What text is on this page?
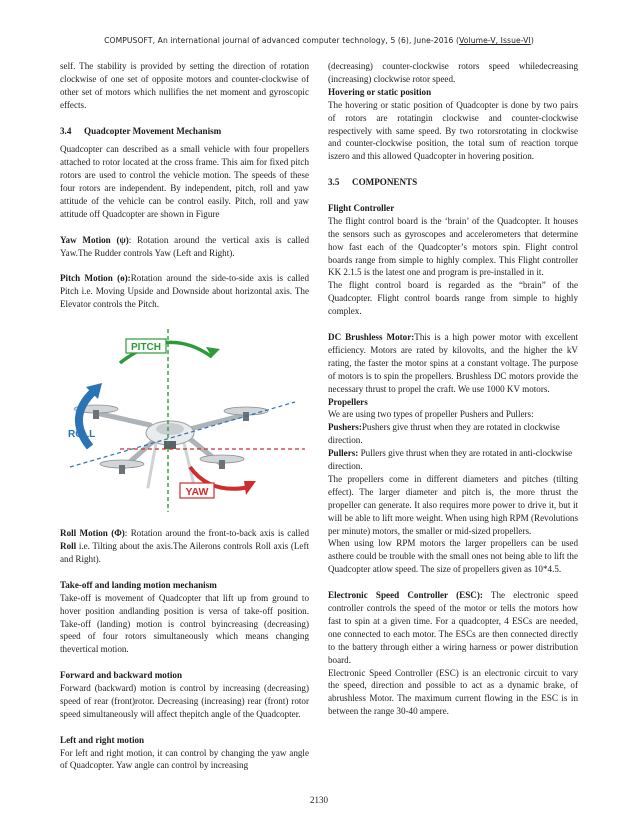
COMPUSOFT, An international journal of advanced computer technology, 5 (6), June-2016 (Volume-V, Issue-VI)

self. The stability is provided by setting the direction of rotation clockwise of one set of opposite motors and counter-clockwise of other set of motors which nullifies the net moment and gyroscopic effects.

3.4	Quadcopter Movement Mechanism

Quadcopter can described as a small vehicle with four propellers attached to rotor located at the cross frame. This aim for fixed pitch rotors are used to control the vehicle motion. The speeds of these four rotors are independent. By independent, pitch, roll and yaw attitude of the vehicle can be control easily. Pitch, roll and yaw attitude off Quadcopter are shown in Figure

Yaw Motion (ψ): Rotation around the vertical axis is called Yaw.The Rudder controls Yaw (Left and Right).

Pitch Motion (ɵ):Rotation around the side-to-side axis is called Pitch i.e. Moving Upside and Downside about horizontal axis. The Elevator controls the Pitch.

PITCH
ROLL
YAW

Roll Motion (Φ): Rotation around the front-to-back axis is called Roll i.e. Tilting about the axis.The Ailerons controls Roll axis (Left and Right).

Take-off and landing motion mechanism

Take-off is movement of Quadcopter that lift up from ground to hover position andlanding position is versa of take-off position. Take-off (landing) motion is control byincreasing (decreasing) speed of four rotors simultaneously which means changing thevertical motion.

Forward and backward motion

Forward (backward) motion is control by increasing (decreasing) speed of rear (front)rotor. Decreasing (increasing) rear (front) rotor speed simultaneously will affect thepitch angle of the Quadcopter.

Left and right motion

For left and right motion, it can control by changing the yaw angle of Quadcopter. Yaw angle can control by increasing

(decreasing) counter-clockwise rotors speed whiledecreasing (increasing) clockwise rotor speed.

Hovering or static position

The hovering or static position of Quadcopter is done by two pairs of rotors are rotatingin clockwise and counter-clockwise respectively with same speed. By two rotorsrotating in clockwise and counter-clockwise position, the total sum of reaction torque iszero and this allowed Quadcopter in hovering position.

3.5	COMPONENTS

Flight Controller

The flight control board is the ‘brain’ of the Quadcopter. It houses the sensors such as gyroscopes and accelerometers that determine how fast each of the Quadcopter’s motors spin. Flight control boards range from simple to highly complex. This Flight controller KK 2.1.5 is the latest one and program is pre-installed in it.

The flight control board is regarded as the “brain” of the Quadcopter. Flight control boards range from simple to highly complex.

DC Brushless Motor:This is a high power motor with excellent efficiency. Motors are rated by kilovolts, and the higher the kV rating, the faster the motor spins at a constant voltage. The purpose of motors is to spin the propellers. Brushless DC motors provide the necessary thrust to propel the craft. We use 1000 KV motors.

Propellers

We are using two types of propeller Pushers and Pullers:

Pushers:Pushers give thrust when they are rotated in clockwise direction.

Pullers: Pullers give thrust when they are rotated in anti-clockwise direction.

The propellers come in different diameters and pitches (tilting effect). The larger diameter and pitch is, the more thrust the propeller can generate. It also requires more power to drive it, but it will be able to lift more weight. When using high RPM (Revolutions per minute) motors, the smaller or mid-sized propellers.

When using low RPM motors the larger propellers can be used asthere could be trouble with the small ones not being able to lift the Quadcopter atlow speed. The size of propellers given as 10*4.5.

Electronic Speed Controller (ESC): The electronic speed controller controls the speed of the motor or tells the motors how fast to spin at a given time. For a quadcopter, 4 ESCs are needed, one connected to each motor. The ESCs are then connected directly to the battery through either a wiring harness or power distribution board.

Electronic Speed Controller (ESC) is an electronic circuit to vary the speed, direction and possible to act as a dynamic brake, of abrushless Motor. The maximum current flowing in the ESC is in between the range 30-40 ampere.

2130
